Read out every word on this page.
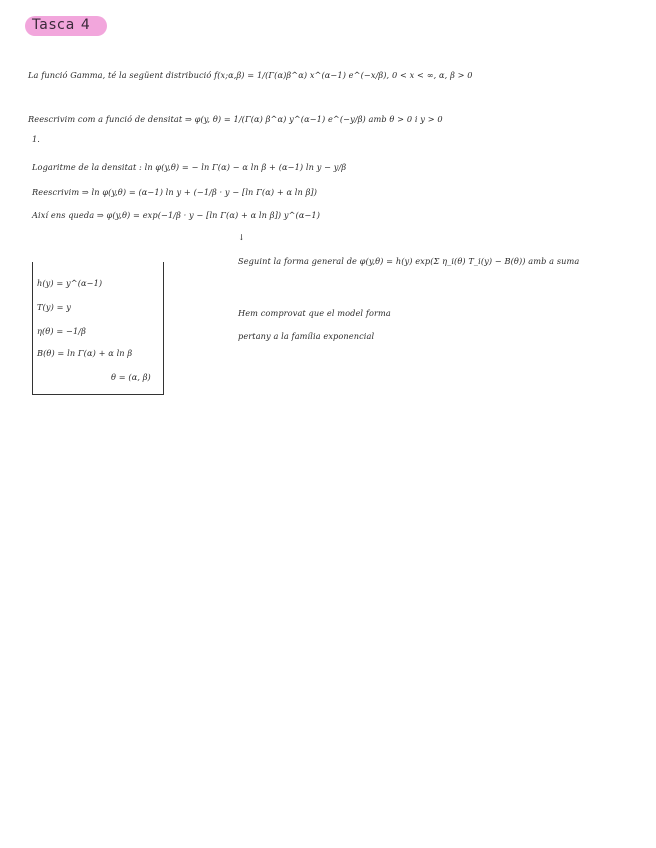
Tasca 4
La funció Gamma, té la següent distribució f(x;α,β) = 1/(Γ(α)β^α) x^(α−1) e^(−x/β), 0 < x < ∞, α, β > 0
Reescrivim com a funció de densitat ⇒ φ(y, θ) = 1/(Γ(α) β^α) y^(α−1) e^(−y/β) amb θ > 0 i y > 0
1.
Logaritme de la densitat : ln φ(y,θ) = − ln Γ(α) − α ln β + (α−1) ln y − y/β
Reescrivim ⇒ ln φ(y,θ) = (α−1) ln y + (−1/β · y − [ln Γ(α) + α ln β])
Així ens queda ⇒ φ(y,θ) = exp(−1/β · y − [ln Γ(α) + α ln β]) y^(α−1)
↓
Seguint la forma general de φ(y,θ) = h(y) exp(Σ η_i(θ) T_i(y) − B(θ)) amb a suma
Hem comprovat que el model forma
pertany a la família exponencial
h(y) = y^(α−1)
T(y) = y
η(θ) = −1/β
B(θ) = ln Γ(α) + α ln β
θ = (α, β)
